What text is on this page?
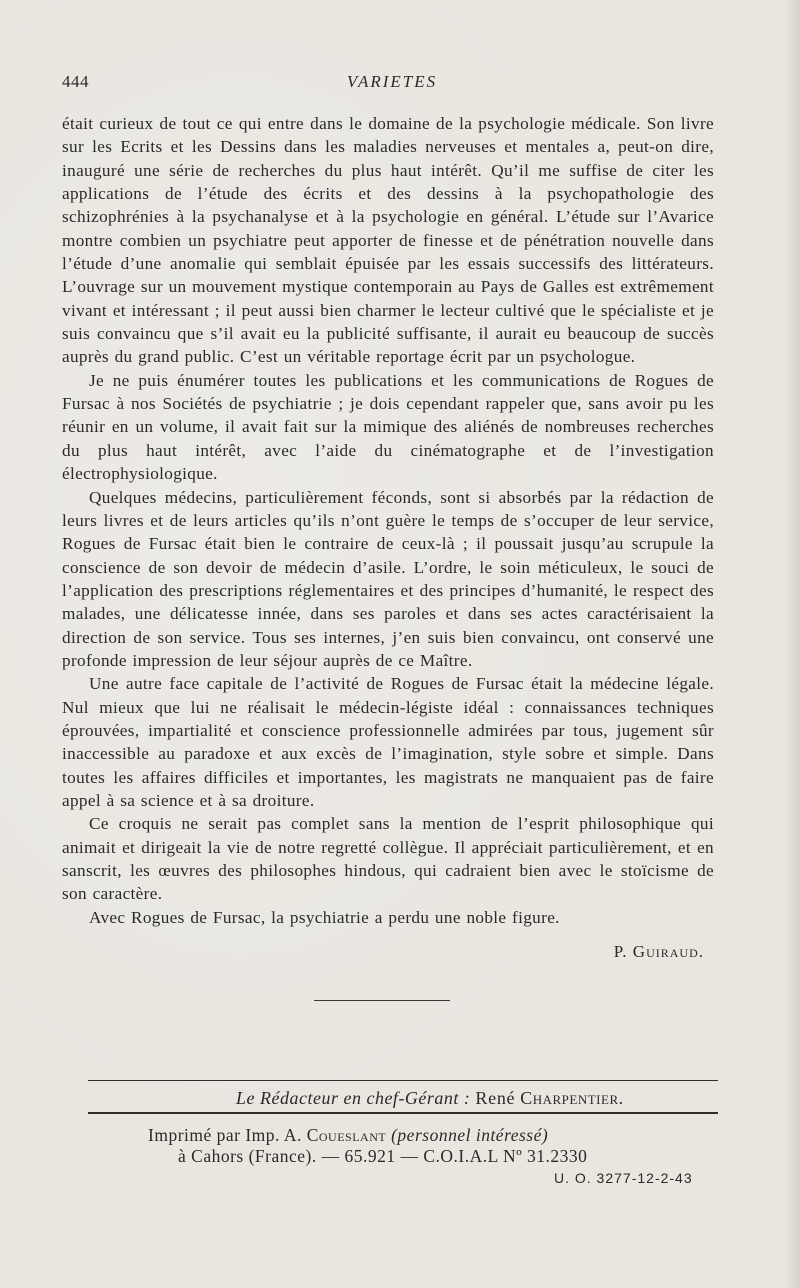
444	VARIETES

était curieux de tout ce qui entre dans le domaine de la psychologie médicale. Son livre sur les Ecrits et les Dessins dans les maladies nerveuses et mentales a, peut-on dire, inauguré une série de recherches du plus haut intérêt. Qu’il me suffise de citer les applications de l’étude des écrits et des dessins à la psychopathologie des schizophrénies à la psychanalyse et à la psychologie en général. L’étude sur l’Avarice montre combien un psychiatre peut apporter de finesse et de pénétration nouvelle dans l’étude d’une anomalie qui semblait épuisée par les essais successifs des littérateurs. L’ouvrage sur un mouvement mystique contemporain au Pays de Galles est extrêmement vivant et intéressant ; il peut aussi bien charmer le lecteur cultivé que le spécialiste et je suis convaincu que s’il avait eu la publicité suffisante, il aurait eu beaucoup de succès auprès du grand public. C’est un véritable reportage écrit par un psychologue.

Je ne puis énumérer toutes les publications et les communications de Rogues de Fursac à nos Sociétés de psychiatrie ; je dois cependant rappeler que, sans avoir pu les réunir en un volume, il avait fait sur la mimique des aliénés de nombreuses recherches du plus haut intérêt, avec l’aide du cinématographe et de l’investigation électrophysiologique.

Quelques médecins, particulièrement féconds, sont si absorbés par la rédaction de leurs livres et de leurs articles qu’ils n’ont guère le temps de s’occuper de leur service, Rogues de Fursac était bien le contraire de ceux-là ; il poussait jusqu’au scrupule la conscience de son devoir de médecin d’asile. L’ordre, le soin méticuleux, le souci de l’application des prescriptions réglementaires et des principes d’humanité, le respect des malades, une délicatesse innée, dans ses paroles et dans ses actes caractérisaient la direction de son service. Tous ses internes, j’en suis bien convaincu, ont conservé une profonde impression de leur séjour auprès de ce Maître.

Une autre face capitale de l’activité de Rogues de Fursac était la médecine légale. Nul mieux que lui ne réalisait le médecin-légiste idéal : connaissances techniques éprouvées, impartialité et conscience professionnelle admirées par tous, jugement sûr inaccessible au paradoxe et aux excès de l’imagination, style sobre et simple. Dans toutes les affaires difficiles et importantes, les magistrats ne manquaient pas de faire appel à sa science et à sa droiture.

Ce croquis ne serait pas complet sans la mention de l’esprit philosophique qui animait et dirigeait la vie de notre regretté collègue. Il appréciait particulièrement, et en sanscrit, les œuvres des philosophes hindous, qui cadraient bien avec le stoïcisme de son caractère.

Avec Rogues de Fursac, la psychiatrie a perdu une noble figure.

P. Guiraud.
Le Rédacteur en chef-Gérant : René Charpentier.
Imprimé par Imp. A. Coueslant (personnel intéressé)
à Cahors (France). — 65.921 — C.O.I.A.L Nº 31.2330
U. O. 3277-12-2-43
